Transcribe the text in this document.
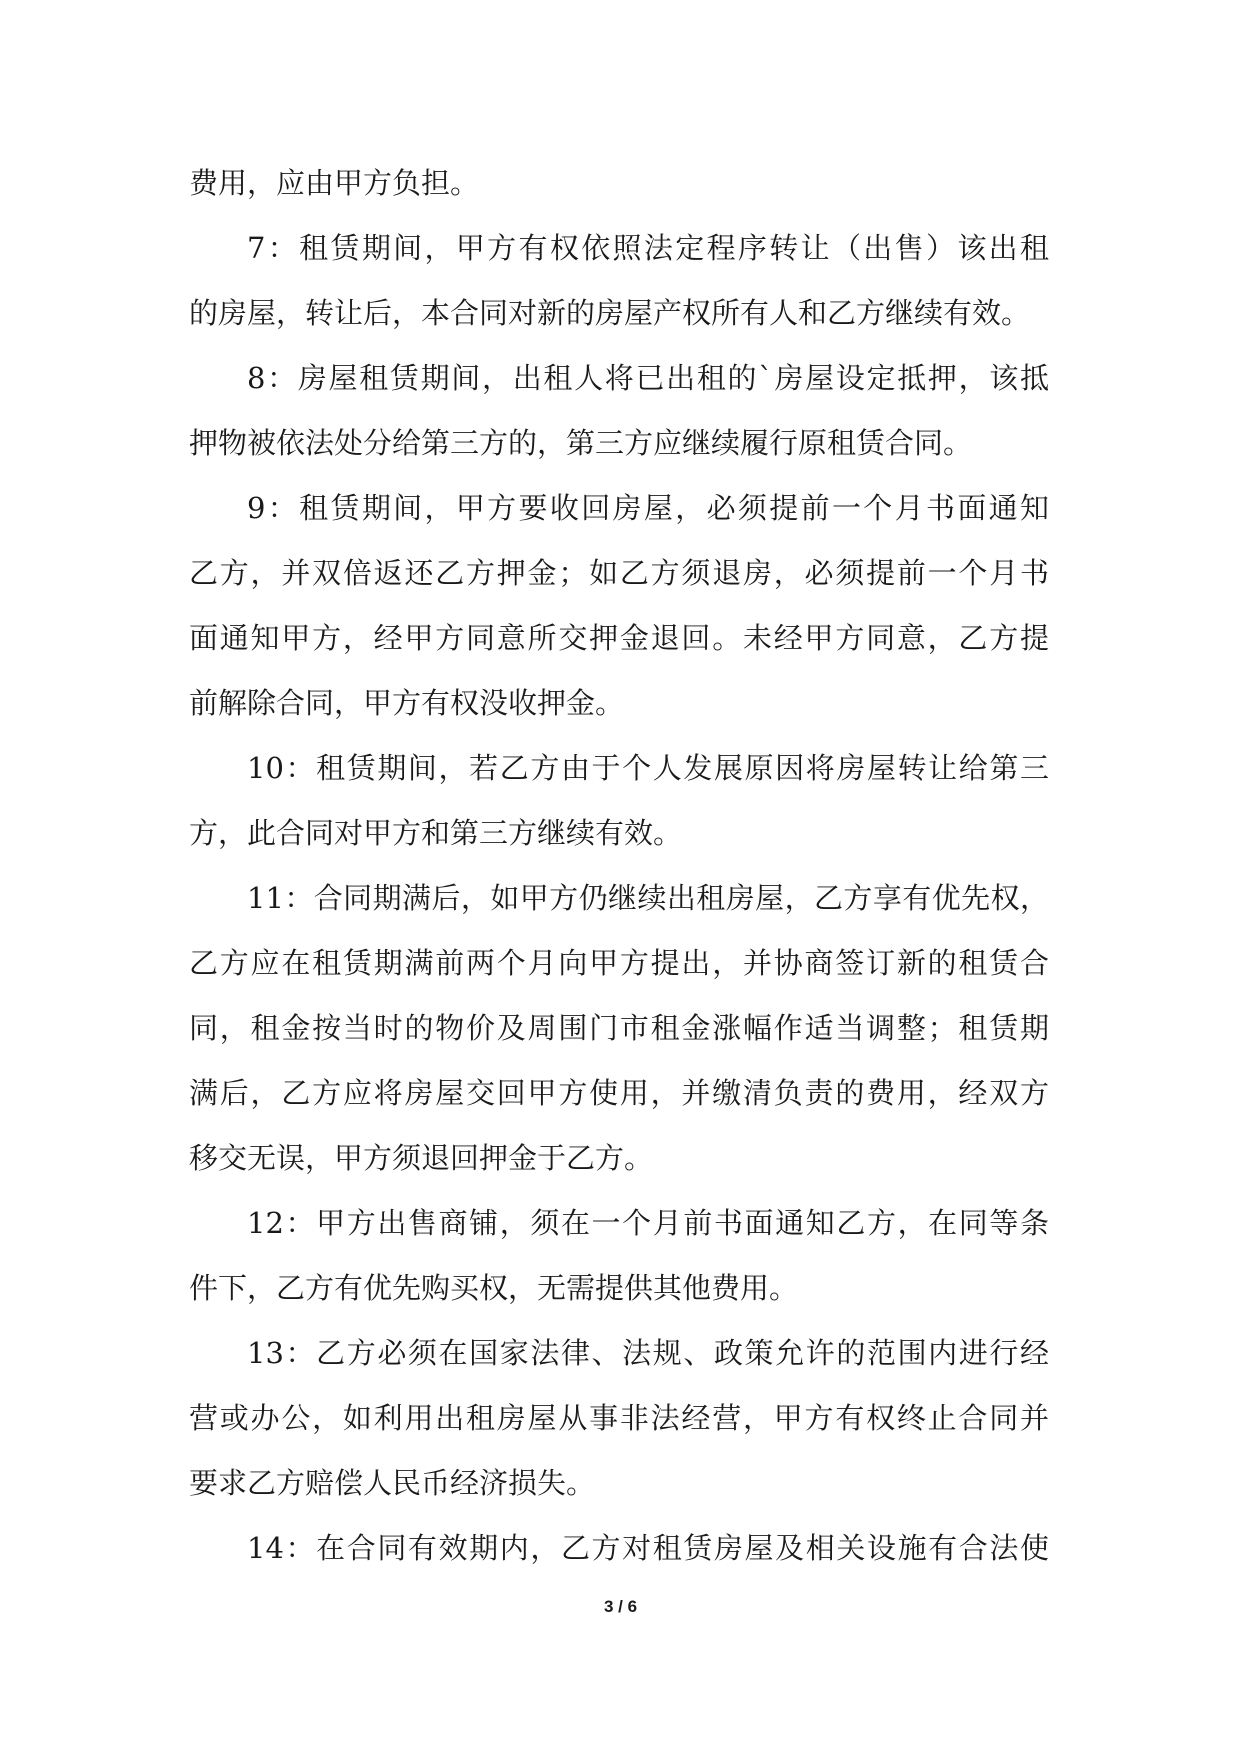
费用，应由甲方负担。
7：租赁期间，甲方有权依照法定程序转让（出售）该出租
的房屋，转让后，本合同对新的房屋产权所有人和乙方继续有效。
8：房屋租赁期间，出租人将已出租的`房屋设定抵押，该抵
押物被依法处分给第三方的，第三方应继续履行原租赁合同。
9：租赁期间，甲方要收回房屋，必须提前一个月书面通知
乙方，并双倍返还乙方押金；如乙方须退房，必须提前一个月书
面通知甲方，经甲方同意所交押金退回。未经甲方同意，乙方提
前解除合同，甲方有权没收押金。
10：租赁期间，若乙方由于个人发展原因将房屋转让给第三
方，此合同对甲方和第三方继续有效。
11：合同期满后，如甲方仍继续出租房屋，乙方享有优先权，
乙方应在租赁期满前两个月向甲方提出，并协商签订新的租赁合
同，租金按当时的物价及周围门市租金涨幅作适当调整；租赁期
满后，乙方应将房屋交回甲方使用，并缴清负责的费用，经双方
移交无误，甲方须退回押金于乙方。
12：甲方出售商铺，须在一个月前书面通知乙方，在同等条
件下，乙方有优先购买权，无需提供其他费用。
13：乙方必须在国家法律、法规、政策允许的范围内进行经
营或办公，如利用出租房屋从事非法经营，甲方有权终止合同并
要求乙方赔偿人民币经济损失。
14：在合同有效期内，乙方对租赁房屋及相关设施有合法使
3 / 6
